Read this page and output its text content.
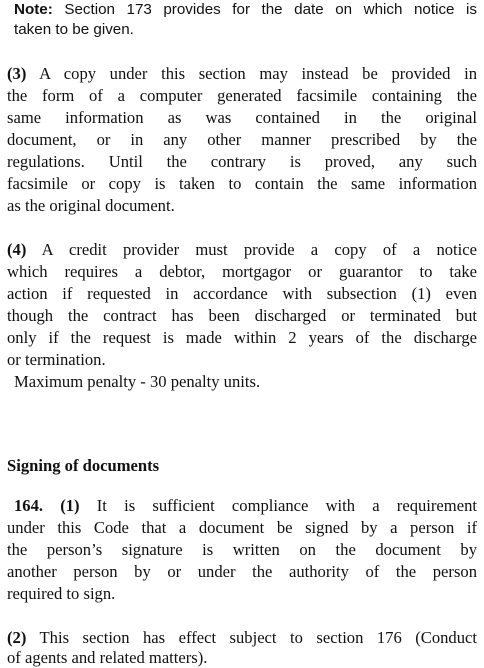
Note: Section 173 provides for the date on which notice is
taken to be given.
(3) A copy under this section may instead be provided in
the form of a computer generated facsimile containing the
same information as was contained in the original
document, or in any other manner prescribed by the
regulations. Until the contrary is proved, any such
facsimile or copy is taken to contain the same information
as the original document.
(4) A credit provider must provide a copy of a notice
which requires a debtor, mortgagor or guarantor to take
action if requested in accordance with subsection (1) even
though the contract has been discharged or terminated but
only if the request is made within 2 years of the discharge
or termination.
Maximum penalty - 30 penalty units.
Signing of documents
164. (1) It is sufficient compliance with a requirement
under this Code that a document be signed by a person if
the person’s signature is written on the document by
another person by or under the authority of the person
required to sign.
(2) This section has effect subject to section 176 (Conduct
of agents and related matters).
